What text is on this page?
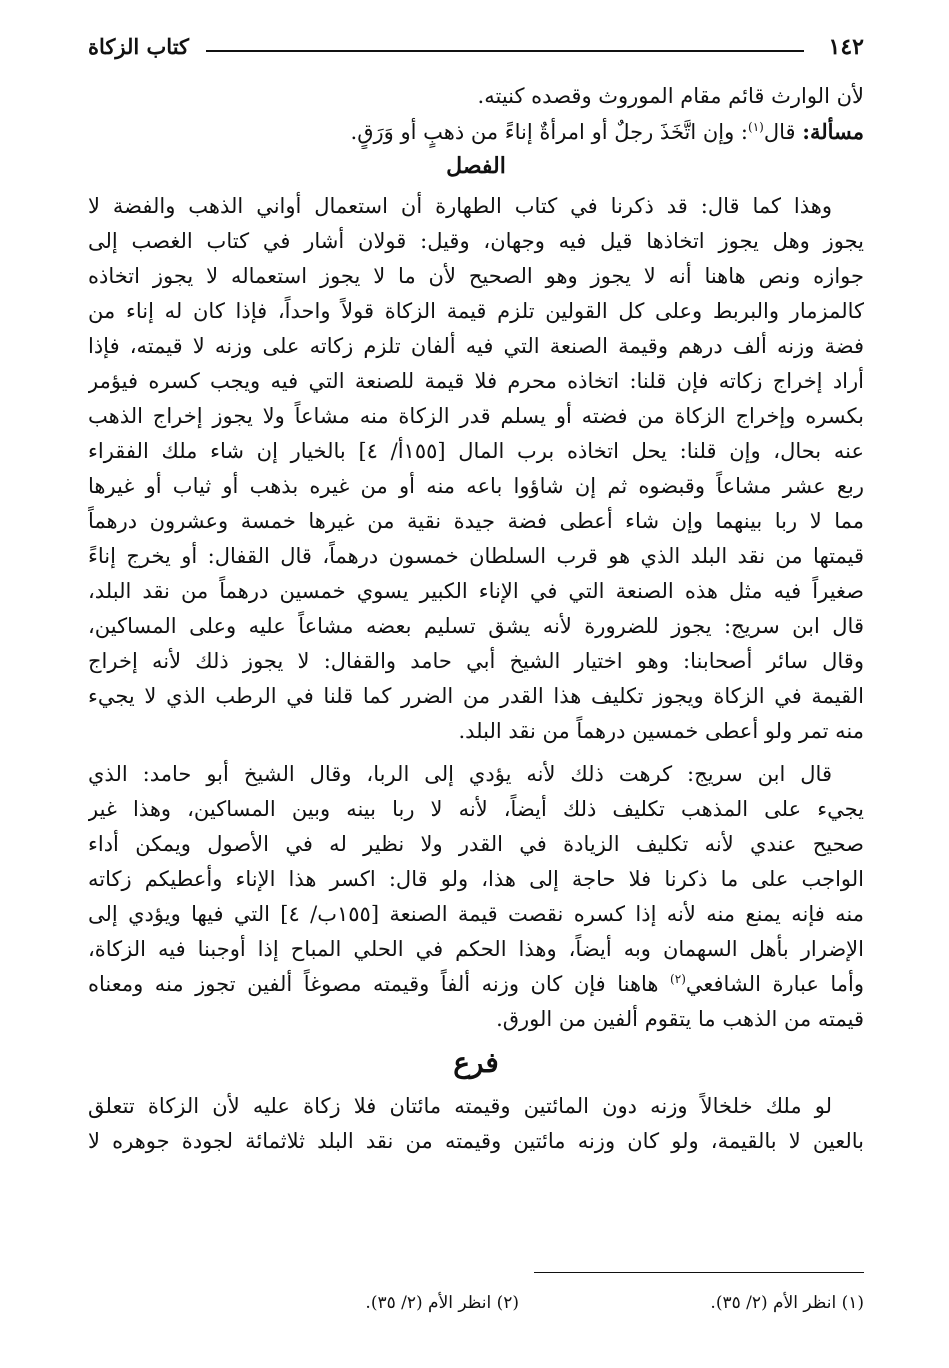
١٤٢
كتاب الزكاة
لأن الوارث قائم مقام الموروث وقصده كنيته.
مسألة: قال$^{(١)}$: وإن اتَّخَذَ رجلٌ أو امرأةٌ إناءً من ذهبٍ أو وَرَقٍ.
الفصل
وهذا كما قال: قد ذكرنا في كتاب الطهارة أن استعمال أواني الذهب والفضة لا
يجوز وهل يجوز اتخاذها قيل فيه وجهان، وقيل: قولان أشار في كتاب الغصب إلى
جوازه ونص هاهنا أنه لا يجوز وهو الصحيح لأن ما لا يجوز استعماله لا يجوز اتخاذه
كالمزمار والبربط وعلى كل القولين تلزم قيمة الزكاة قولاً واحداً، فإذا كان له إناء من
فضة وزنه ألف درهم وقيمة الصنعة التي فيه ألفان تلزم زكاته على وزنه لا قيمته، فإذا
أراد إخراج زكاته فإن قلنا: اتخاذه محرم فلا قيمة للصنعة التي فيه ويجب كسره فيؤمر
بكسره وإخراج الزكاة من فضته أو يسلم قدر الزكاة منه مشاعاً ولا يجوز إخراج الذهب
عنه بحال، وإن قلنا: يحل اتخاذه برب المال [١٥٥أ/ ٤] بالخيار إن شاء ملك الفقراء
ربع عشر مشاعاً وقبضوه ثم إن شاؤوا باعه منه أو من غيره بذهب أو ثياب أو غيرها
مما لا ربا بينهما وإن شاء أعطى فضة جيدة نقية من غيرها خمسة وعشرون درهماً
قيمتها من نقد البلد الذي هو قرب السلطان خمسون درهماً، قال القفال: أو يخرج إناءً
صغيراً فيه مثل هذه الصنعة التي في الإناء الكبير يسوي خمسين درهماً من نقد البلد،
قال ابن سريج: يجوز للضرورة لأنه يشق تسليم بعضه مشاعاً عليه وعلى المساكين،
وقال سائر أصحابنا: وهو اختيار الشيخ أبي حامد والقفال: لا يجوز ذلك لأنه إخراج
القيمة في الزكاة ويجوز تكليف هذا القدر من الضرر كما قلنا في الرطب الذي لا يجيء
منه تمر ولو أعطى خمسين درهماً من نقد البلد.
قال ابن سريج: كرهت ذلك لأنه يؤدي إلى الربا، وقال الشيخ أبو حامد: الذي
يجيء على المذهب تكليف ذلك أيضاً، لأنه لا ربا بينه وبين المساكين، وهذا غير
صحيح عندي لأنه تكليف الزيادة في القدر ولا نظير له في الأصول ويمكن أداء
الواجب على ما ذكرنا فلا حاجة إلى هذا، ولو قال: اكسر هذا الإناء وأعطيكم زكاته
منه فإنه يمنع منه لأنه إذا كسره نقصت قيمة الصنعة [١٥٥ب/ ٤] التي فيها ويؤدي إلى
الإضرار بأهل السهمان وبه أيضاً، وهذا الحكم في الحلي المباح إذا أوجبنا فيه الزكاة،
وأما عبارة الشافعي$^{(٢)}$ هاهنا فإن كان وزنه ألفاً وقيمته مصوغاً ألفين تجوز منه ومعناه
قيمته من الذهب ما يتقوم ألفين من الورق.
فرع
لو ملك خلخالاً وزنه دون المائتين وقيمته مائتان فلا زكاة عليه لأن الزكاة تتعلق
بالعين لا بالقيمة، ولو كان وزنه مائتين وقيمته من نقد البلد ثلاثمائة لجودة جوهره لا
(١) انظر الأم (٢/ ٣٥).
(٢) انظر الأم (٢/ ٣٥).
